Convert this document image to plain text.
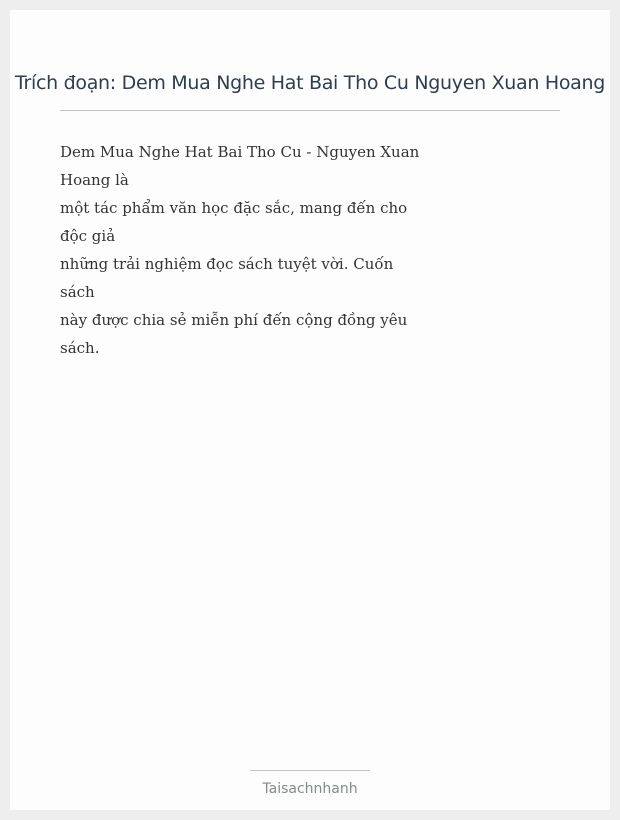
Trích đoạn: Dem Mua Nghe Hat Bai Tho Cu Nguyen Xuan Hoang
Dem Mua Nghe Hat Bai Tho Cu - Nguyen Xuan
Hoang là
một tác phẩm văn học đặc sắc, mang đến cho
độc giả
những trải nghiệm đọc sách tuyệt vời. Cuốn
sách
này được chia sẻ miễn phí đến cộng đồng yêu
sách.
Taisachnhanh
